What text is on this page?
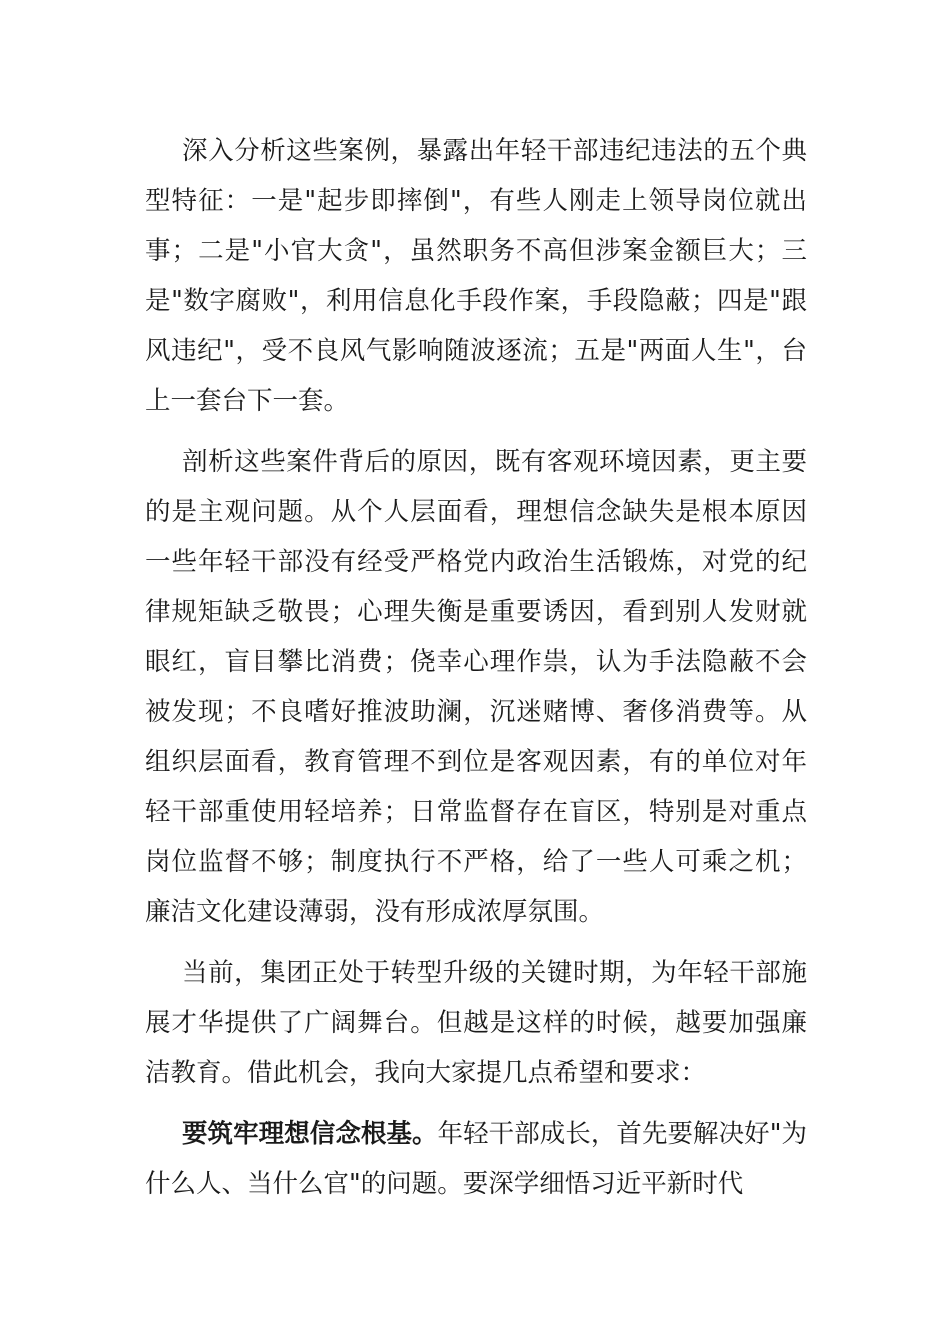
深入分析这些案例，暴露出年轻干部违纪违法的五个典型特征：一是"起步即摔倒"，有些人刚走上领导岗位就出事；二是"小官大贪"，虽然职务不高但涉案金额巨大；三是"数字腐败"，利用信息化手段作案，手段隐蔽；四是"跟风违纪"，受不良风气影响随波逐流；五是"两面人生"，台上一套台下一套。

剖析这些案件背后的原因，既有客观环境因素，更主要的是主观问题。从个人层面看，理想信念缺失是根本原因一些年轻干部没有经受严格党内政治生活锻炼，对党的纪律规矩缺乏敬畏；心理失衡是重要诱因，看到别人发财就眼红，盲目攀比消费；侥幸心理作祟，认为手法隐蔽不会被发现；不良嗜好推波助澜，沉迷赌博、奢侈消费等。从组织层面看，教育管理不到位是客观因素，有的单位对年轻干部重使用轻培养；日常监督存在盲区，特别是对重点岗位监督不够；制度执行不严格，给了一些人可乘之机；廉洁文化建设薄弱，没有形成浓厚氛围。

当前，集团正处于转型升级的关键时期，为年轻干部施展才华提供了广阔舞台。但越是这样的时候，越要加强廉洁教育。借此机会，我向大家提几点希望和要求：

要筑牢理想信念根基。年轻干部成长，首先要解决好"为什么人、当什么官"的问题。要深学细悟习近平新时代
